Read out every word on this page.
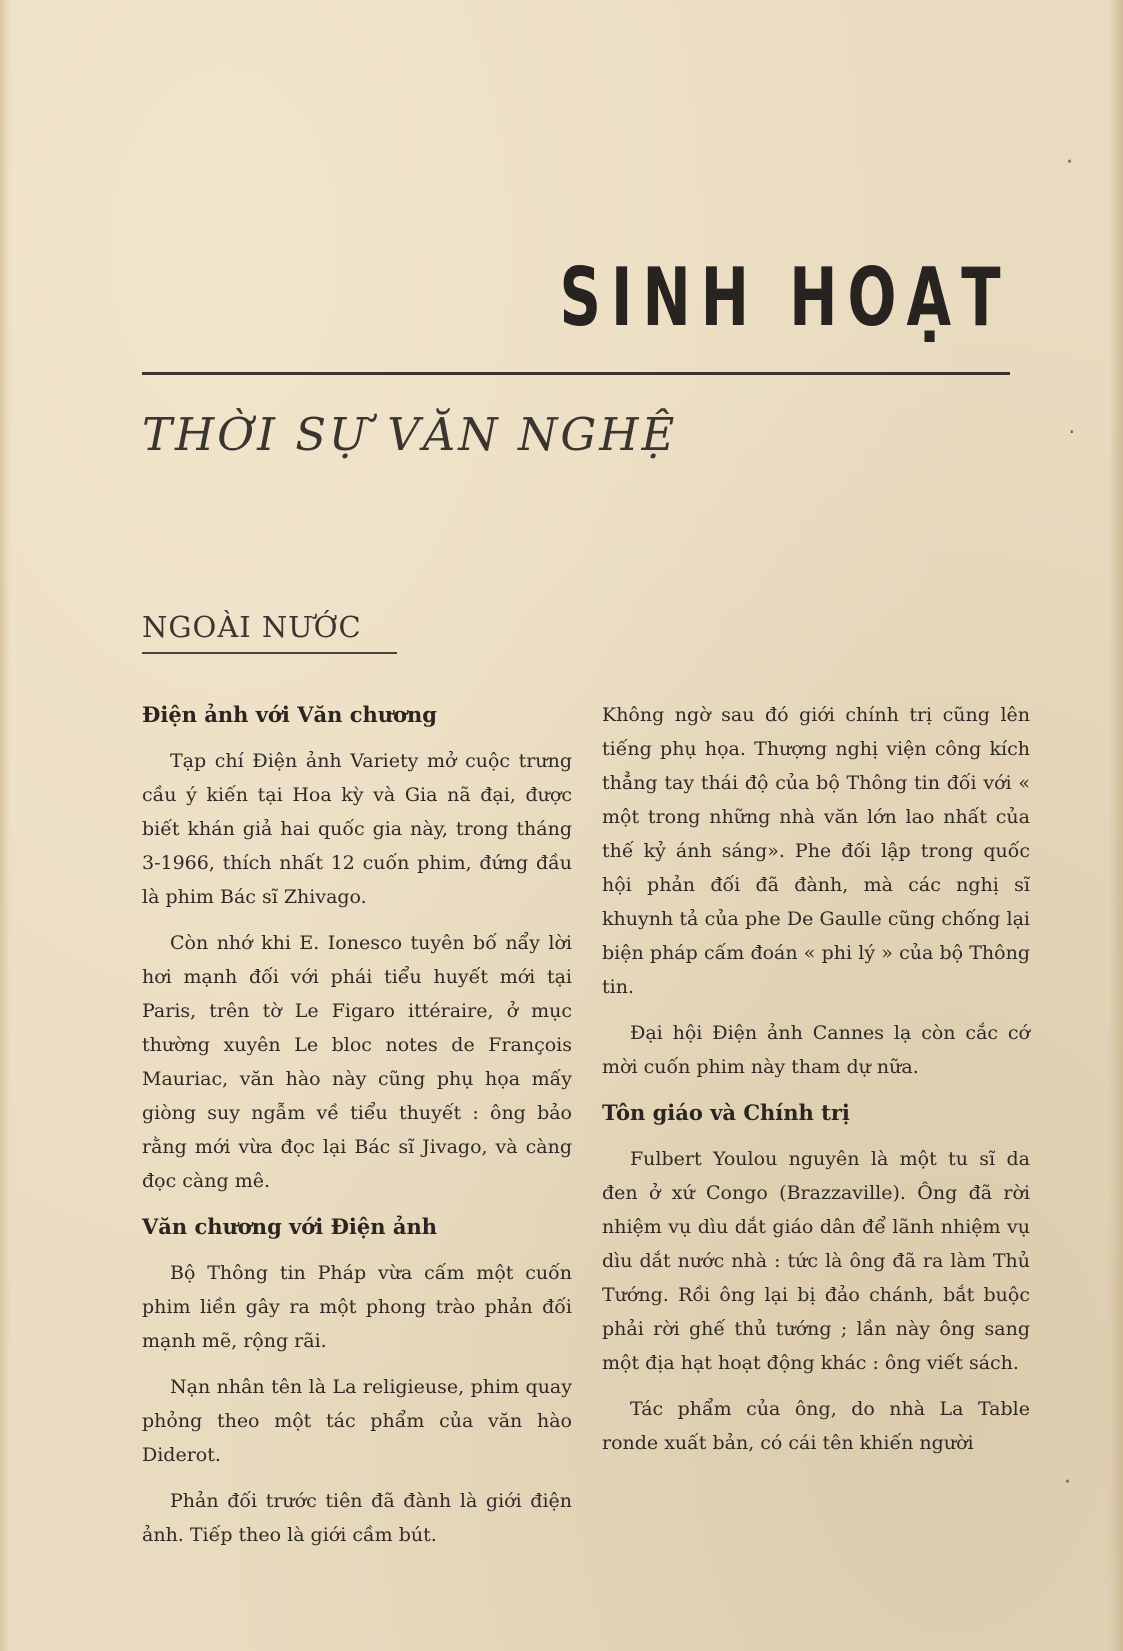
SINH HOẠT
THỜI SỰ VĂN NGHỆ
NGOÀI NƯỚC
Điện ảnh với Văn chương

Tạp chí Điện ảnh Variety mở cuộc trưng cầu ý kiến tại Hoa kỳ và Gia nã đại, được biết khán giả hai quốc gia này, trong tháng 3-1966, thích nhất 12 cuốn phim, đứng đầu là phim Bác sĩ Zhivago.

Còn nhớ khi E. Ionesco tuyên bố nẩy lời hơi mạnh đối với phái tiểu huyết mới tại Paris, trên tờ Le Figaro ittéraire, ở mục thường xuyên Le bloc notes de François Mauriac, văn hào này cũng phụ họa mấy giòng suy ngẫm về tiểu thuyết : ông bảo rằng mới vừa đọc lại Bác sĩ Jivago, và càng đọc càng mê.

Văn chương với Điện ảnh

Bộ Thông tin Pháp vừa cấm một cuốn phim liền gây ra một phong trào phản đối mạnh mẽ, rộng rãi.

Nạn nhân tên là La religieuse, phim quay phỏng theo một tác phẩm của văn hào Diderot.

Phản đối trước tiên đã đành là giới điện ảnh. Tiếp theo là giới cầm bút.

Không ngờ sau đó giới chính trị cũng lên tiếng phụ họa. Thượng nghị viện công kích thẳng tay thái độ của bộ Thông tin đối với « một trong những nhà văn lớn lao nhất của thế kỷ ánh sáng». Phe đối lập trong quốc hội phản đối đã đành, mà các nghị sĩ khuynh tả của phe De Gaulle cũng chống lại biện pháp cấm đoán « phi lý » của bộ Thông tin.

Đại hội Điện ảnh Cannes lạ còn cắc cớ mời cuốn phim này tham dự nữa.

Tôn giáo và Chính trị

Fulbert Youlou nguyên là một tu sĩ da đen ở xứ Congo (Brazzaville). Ông đã rời nhiệm vụ dìu dắt giáo dân để lãnh nhiệm vụ dìu dắt nước nhà : tức là ông đã ra làm Thủ Tướng. Rồi ông lại bị đảo chánh, bắt buộc phải rời ghế thủ tướng ; lần này ông sang một địa hạt hoạt động khác : ông viết sách.

Tác phẩm của ông, do nhà La Table ronde xuất bản, có cái tên khiến người

·
·
·
